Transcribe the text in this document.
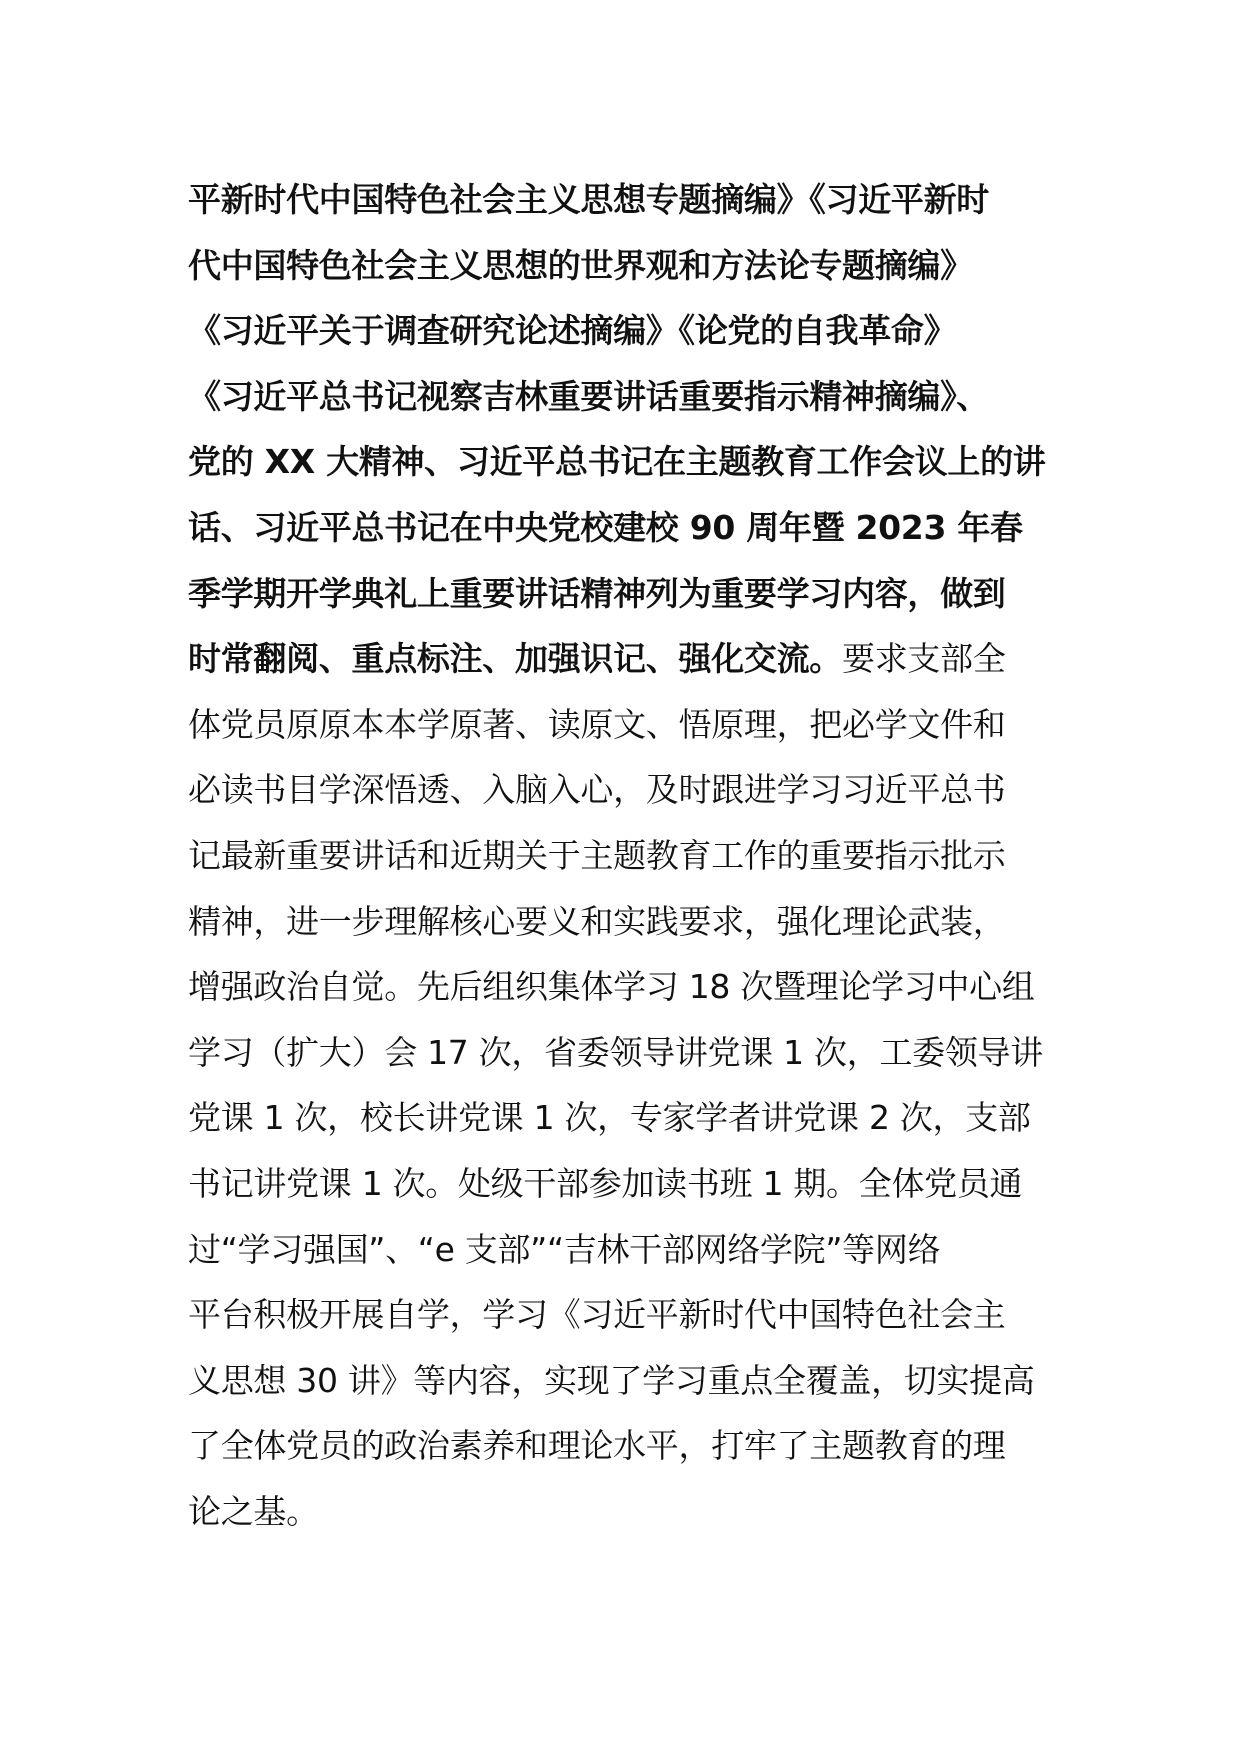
平新时代中国特色社会主义思想专题摘编》《习近平新时
代中国特色社会主义思想的世界观和方法论专题摘编》
《习近平关于调查研究论述摘编》《论党的自我革命》
《习近平总书记视察吉林重要讲话重要指示精神摘编》、
党的 XX 大精神、习近平总书记在主题教育工作会议上的讲
话、习近平总书记在中央党校建校 90 周年暨 2023 年春
季学期开学典礼上重要讲话精神列为重要学习内容，做到
时常翻阅、重点标注、加强识记、强化交流。要求支部全
体党员原原本本学原著、读原文、悟原理，把必学文件和
必读书目学深悟透、入脑入心，及时跟进学习习近平总书
记最新重要讲话和近期关于主题教育工作的重要指示批示
精神，进一步理解核心要义和实践要求，强化理论武装，
增强政治自觉。先后组织集体学习 18 次暨理论学习中心组
学习（扩大）会 17 次，省委领导讲党课 1 次，工委领导讲
党课 1 次，校长讲党课 1 次，专家学者讲党课 2 次，支部
书记讲党课 1 次。处级干部参加读书班 1 期。全体党员通
过“学习强国”、“e 支部”“吉林干部网络学院”等网络
平台积极开展自学，学习《习近平新时代中国特色社会主
义思想 30 讲》等内容，实现了学习重点全覆盖，切实提高
了全体党员的政治素养和理论水平，打牢了主题教育的理
论之基。
